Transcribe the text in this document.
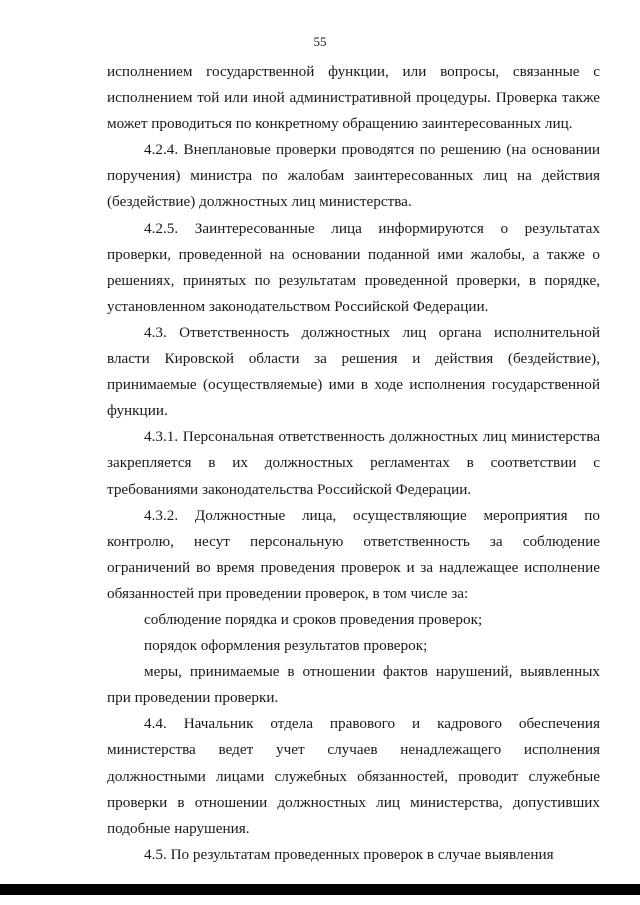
55

исполнением государственной функции, или вопросы, связанные с исполнением той или иной административной процедуры. Проверка также может проводиться по конкретному обращению заинтересованных лиц.

4.2.4. Внеплановые проверки проводятся по решению (на основании поручения) министра по жалобам заинтересованных лиц на действия (бездействие) должностных лиц министерства.

4.2.5. Заинтересованные лица информируются о результатах проверки, проведенной на основании поданной ими жалобы, а также о решениях, принятых по результатам проведенной проверки, в порядке, установленном законодательством Российской Федерации.

4.3. Ответственность должностных лиц органа исполнительной власти Кировской области за решения и действия (бездействие), принимаемые (осуществляемые) ими в ходе исполнения государственной функции.

4.3.1. Персональная ответственность должностных лиц министерства закрепляется в их должностных регламентах в соответствии с требованиями законодательства Российской Федерации.

4.3.2. Должностные лица, осуществляющие мероприятия по контролю, несут персональную ответственность за соблюдение ограничений во время проведения проверок и за надлежащее исполнение обязанностей при проведении проверок, в том числе за:

соблюдение порядка и сроков проведения проверок;

порядок оформления результатов проверок;

меры, принимаемые в отношении фактов нарушений, выявленных при проведении проверки.

4.4. Начальник отдела правового и кадрового обеспечения министерства ведет учет случаев ненадлежащего исполнения должностными лицами служебных обязанностей, проводит служебные проверки в отношении должностных лиц министерства, допустивших подобные нарушения.

4.5. По результатам проведенных проверок в случае выявления
